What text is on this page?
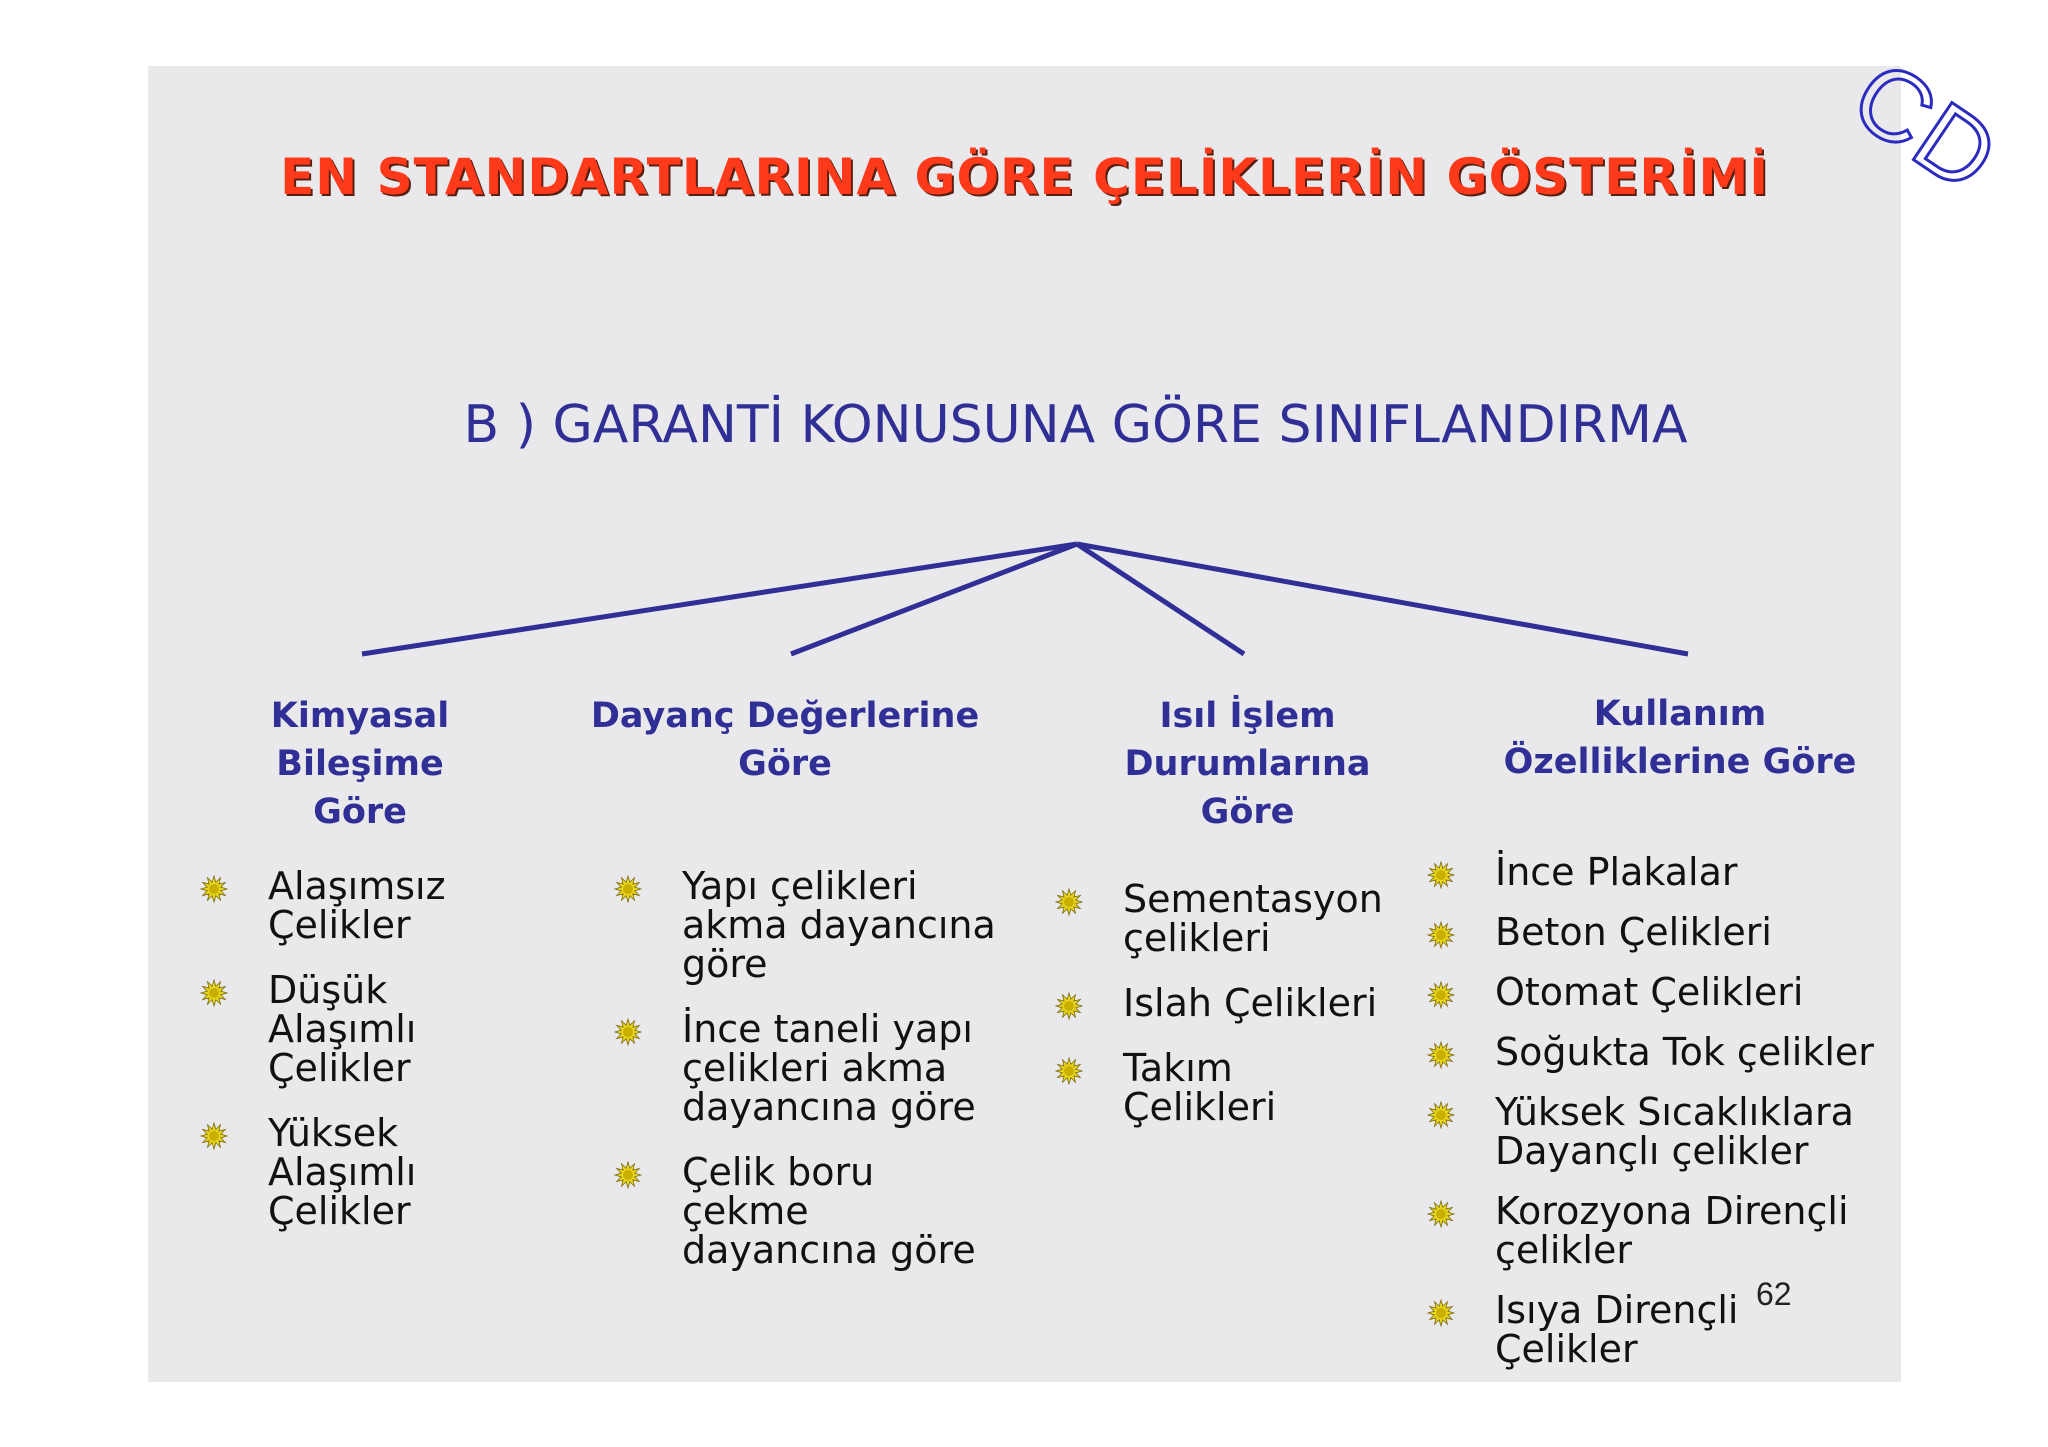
CD
EN STANDARTLARINA GÖRE ÇELİKLERİN GÖSTERİMİ
B ) GARANTİ KONUSUNA GÖRE SINIFLANDIRMA
Kimyasal Bileşime
Göre
Alaşımsız
Çelikler
Düşük
Alaşımlı
Çelikler
Yüksek
Alaşımlı
Çelikler
Dayanç Değerlerine
Göre
Yapı çelikleri
akma dayancına
göre
İnce taneli yapı
çelikleri akma
dayancına göre
Çelik boru
çekme
dayancına göre
Isıl İşlem
Durumlarına Göre
Sementasyon
çelikleri
Islah Çelikleri
Takım
Çelikleri
Kullanım
Özelliklerine Göre
İnce Plakalar
Beton Çelikleri
Otomat Çelikleri
Soğukta Tok çelikler
Yüksek Sıcaklıklara
Dayançlı çelikler
Korozyona Dirençli
çelikler
Isıya Dirençli
Çelikler
62
